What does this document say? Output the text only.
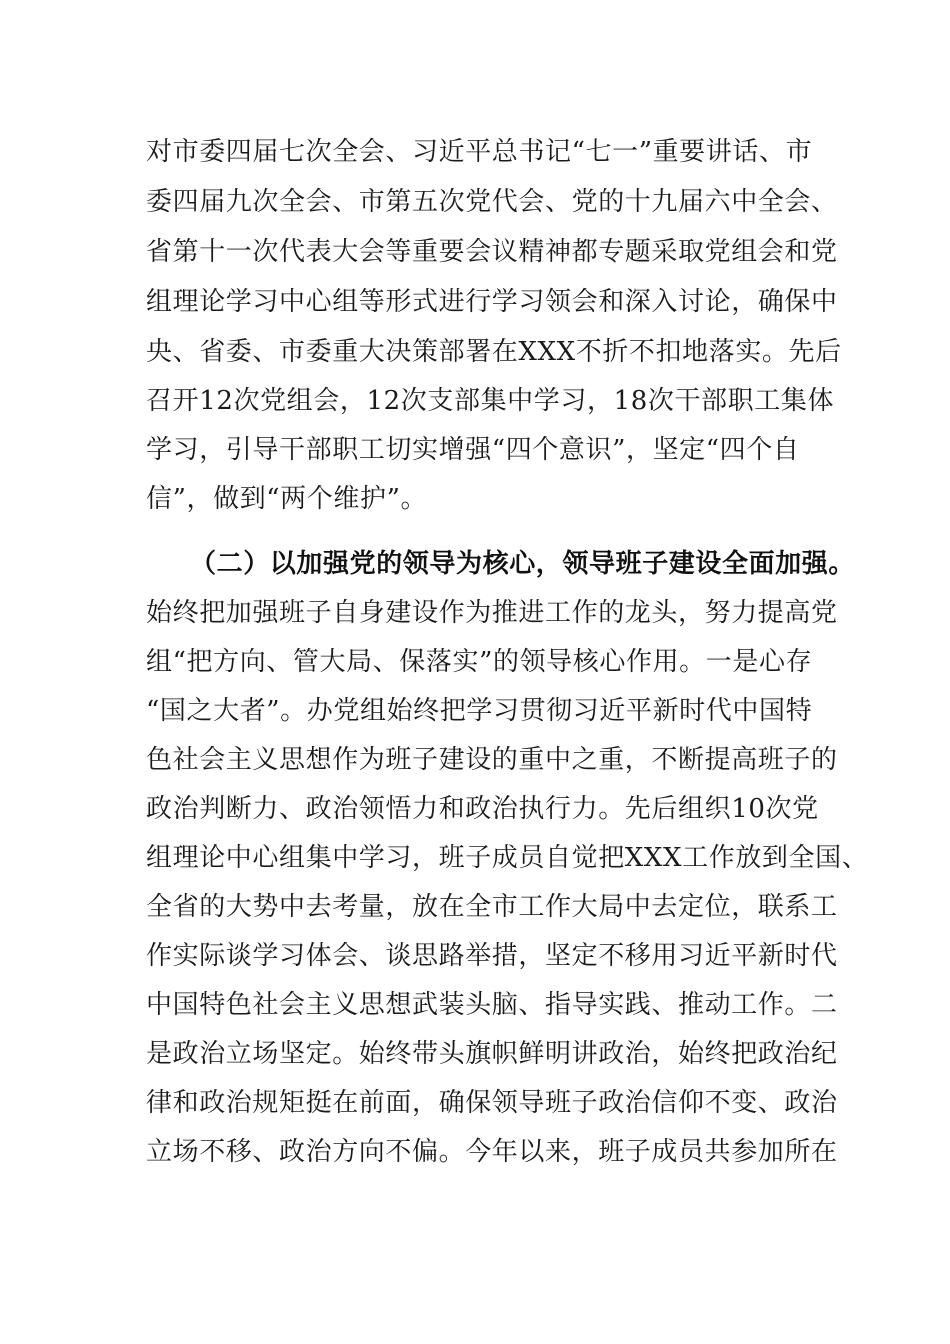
对市委四届七次全会、习近平总书记“七一”重要讲话、市
委四届九次全会、市第五次党代会、党的十九届六中全会、
省第十一次代表大会等重要会议精神都专题采取党组会和党
组理论学习中心组等形式进行学习领会和深入讨论，确保中
央、省委、市委重大决策部署在XXX不折不扣地落实。先后
召开12次党组会，12次支部集中学习，18次干部职工集体
学习，引导干部职工切实增强“四个意识”，坚定“四个自
信”，做到“两个维护”。
（二）以加强党的领导为核心，领导班子建设全面加强。
始终把加强班子自身建设作为推进工作的龙头，努力提高党
组“把方向、管大局、保落实”的领导核心作用。一是心存
“国之大者”。办党组始终把学习贯彻习近平新时代中国特
色社会主义思想作为班子建设的重中之重，不断提高班子的
政治判断力、政治领悟力和政治执行力。先后组织10次党
组理论中心组集中学习，班子成员自觉把XXX工作放到全国、
全省的大势中去考量，放在全市工作大局中去定位，联系工
作实际谈学习体会、谈思路举措，坚定不移用习近平新时代
中国特色社会主义思想武装头脑、指导实践、推动工作。二
是政治立场坚定。始终带头旗帜鲜明讲政治，始终把政治纪
律和政治规矩挺在前面，确保领导班子政治信仰不变、政治
立场不移、政治方向不偏。今年以来，班子成员共参加所在
